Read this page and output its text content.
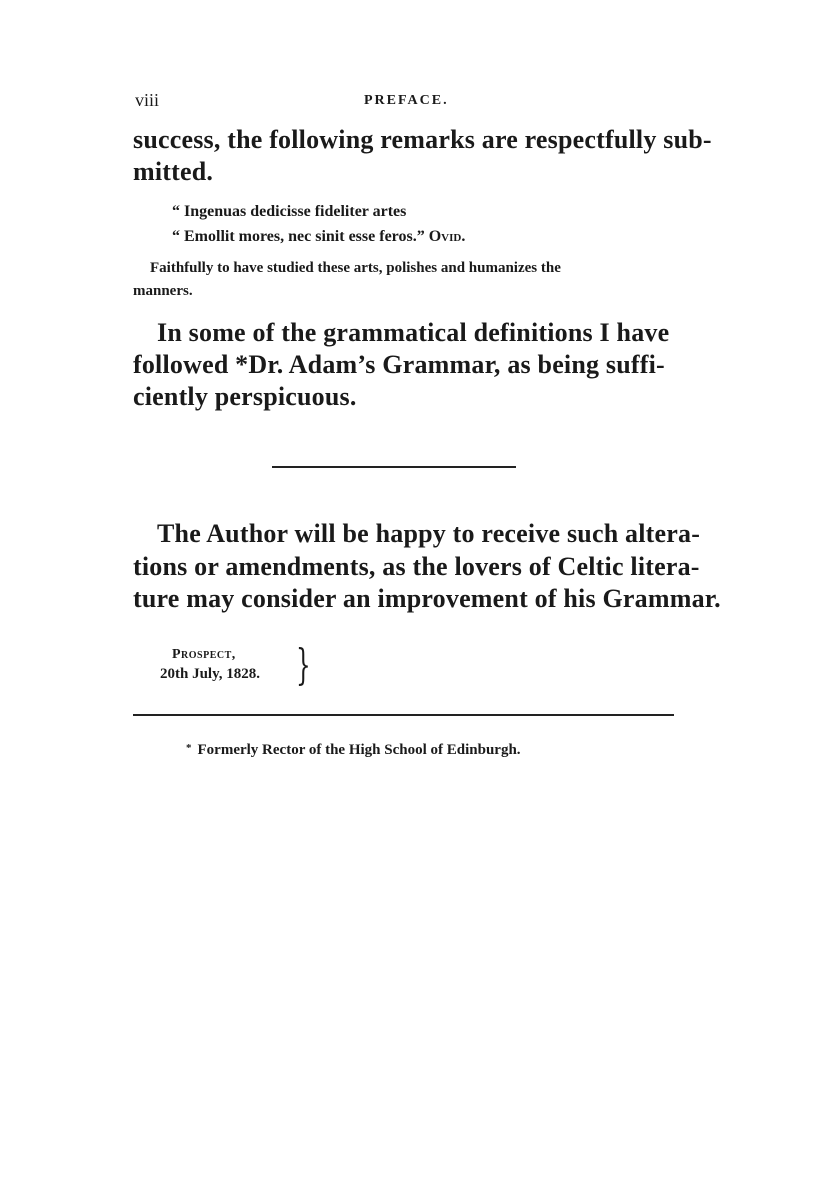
viii	PREFACE.
success, the following remarks are respectfully sub-
mitted.
“ Ingenuas dedicisse fideliter artes
“ Emollit mores, nec sinit esse feros.” Ovid.
Faithfully to have studied these arts, polishes and humanizes the
manners.
In some of the grammatical definitions I have
followed *Dr. Adam’s Grammar, as being suffi-
ciently perspicuous.
The Author will be happy to receive such altera-
tions or amendments, as the lovers of Celtic litera-
ture may consider an improvement of his Grammar.
Prospect,
20th July, 1828. }
* Formerly Rector of the High School of Edinburgh.
